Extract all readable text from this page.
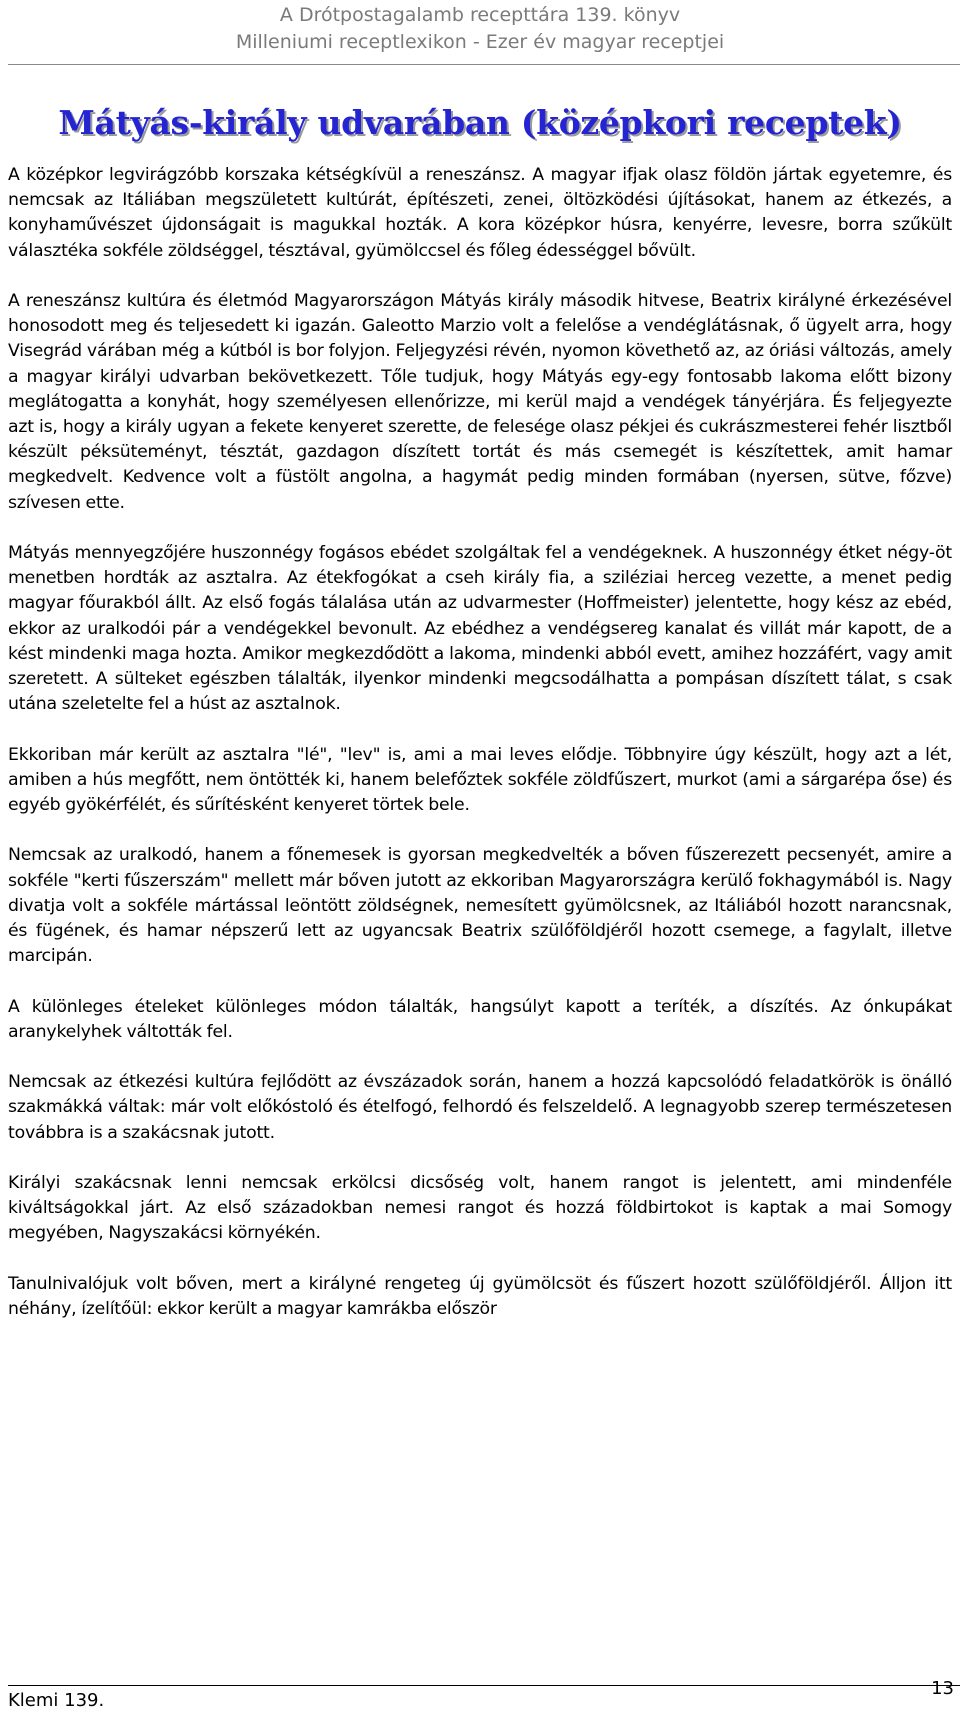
A Drótpostagalamb recepttára 139. könyv
Milleniumi receptlexikon - Ezer év magyar receptjei
Mátyás-király udvarában (középkori receptek)

A középkor legvirágzóbb korszaka kétségkívül a reneszánsz. A magyar ifjak olasz földön jártak egyetemre, és nemcsak az Itáliában megszületett kultúrát, építészeti, zenei, öltözködési újításokat, hanem az étkezés, a konyhaművészet újdonságait is magukkal hozták. A kora középkor húsra, kenyérre, levesre, borra szűkült választéka sokféle zöldséggel, tésztával, gyümölccsel és főleg édességgel bővült.

A reneszánsz kultúra és életmód Magyarországon Mátyás király második hitvese, Beatrix királyné érkezésével honosodott meg és teljesedett ki igazán. Galeotto Marzio volt a felelőse a vendéglátásnak, ő ügyelt arra, hogy Visegrád várában még a kútból is bor folyjon. Feljegyzési révén, nyomon követhető az, az óriási változás, amely a magyar királyi udvarban bekövetkezett. Tőle tudjuk, hogy Mátyás egy-egy fontosabb lakoma előtt bizony meglátogatta a konyhát, hogy személyesen ellenőrizze, mi kerül majd a vendégek tányérjára. És feljegyezte azt is, hogy a király ugyan a fekete kenyeret szerette, de felesége olasz pékjei és cukrászmesterei fehér lisztből készült péksüteményt, tésztát, gazdagon díszített tortát és más csemegét is készítettek, amit hamar megkedvelt. Kedvence volt a füstölt angolna, a hagymát pedig minden formában (nyersen, sütve, főzve) szívesen ette.

Mátyás mennyegzőjére huszonnégy fogásos ebédet szolgáltak fel a vendégeknek. A huszonnégy étket négy-öt menetben hordták az asztalra. Az étekfogókat a cseh király fia, a sziléziai herceg vezette, a menet pedig magyar főurakból állt. Az első fogás tálalása után az udvarmester (Hoffmeister) jelentette, hogy kész az ebéd, ekkor az uralkodói pár a vendégekkel bevonult. Az ebédhez a vendégsereg kanalat és villát már kapott, de a kést mindenki maga hozta. Amikor megkezdődött a lakoma, mindenki abból evett, amihez hozzáfért, vagy amit szeretett. A sülteket egészben tálalták, ilyenkor mindenki megcsodálhatta a pompásan díszített tálat, s csak utána szeletelte fel a húst az asztalnok.

Ekkoriban már került az asztalra "lé", "lev" is, ami a mai leves elődje. Többnyire úgy készült, hogy azt a lét, amiben a hús megfőtt, nem öntötték ki, hanem belefőztek sokféle zöldfűszert, murkot (ami a sárgarépa őse) és egyéb gyökérfélét, és sűrítésként kenyeret törtek bele.

Nemcsak az uralkodó, hanem a főnemesek is gyorsan megkedvelték a bőven fűszerezett pecsenyét, amire a sokféle "kerti fűszerszám" mellett már bőven jutott az ekkoriban Magyarországra kerülő fokhagymából is. Nagy divatja volt a sokféle mártással leöntött zöldségnek, nemesített gyümölcsnek, az Itáliából hozott narancsnak, és fügének, és hamar népszerű lett az ugyancsak Beatrix szülőföldjéről hozott csemege, a fagylalt, illetve marcipán.

A különleges ételeket különleges módon tálalták, hangsúlyt kapott a teríték, a díszítés. Az ónkupákat aranykelyhek váltották fel.

Nemcsak az étkezési kultúra fejlődött az évszázadok során, hanem a hozzá kapcsolódó feladatkörök is önálló szakmákká váltak: már volt előkóstoló és ételfogó, felhordó és felszeldelő. A legnagyobb szerep természetesen továbbra is a szakácsnak jutott.

Királyi szakácsnak lenni nemcsak erkölcsi dicsőség volt, hanem rangot is jelentett, ami mindenféle kiváltságokkal járt. Az első századokban nemesi rangot és hozzá földbirtokot is kaptak a mai Somogy megyében, Nagyszakácsi környékén.

Tanulnivalójuk volt bőven, mert a királyné rengeteg új gyümölcsöt és fűszert hozott szülőföldjéről. Álljon itt néhány, ízelítőül: ekkor került a magyar kamrákba először

Klemi 139.
13
